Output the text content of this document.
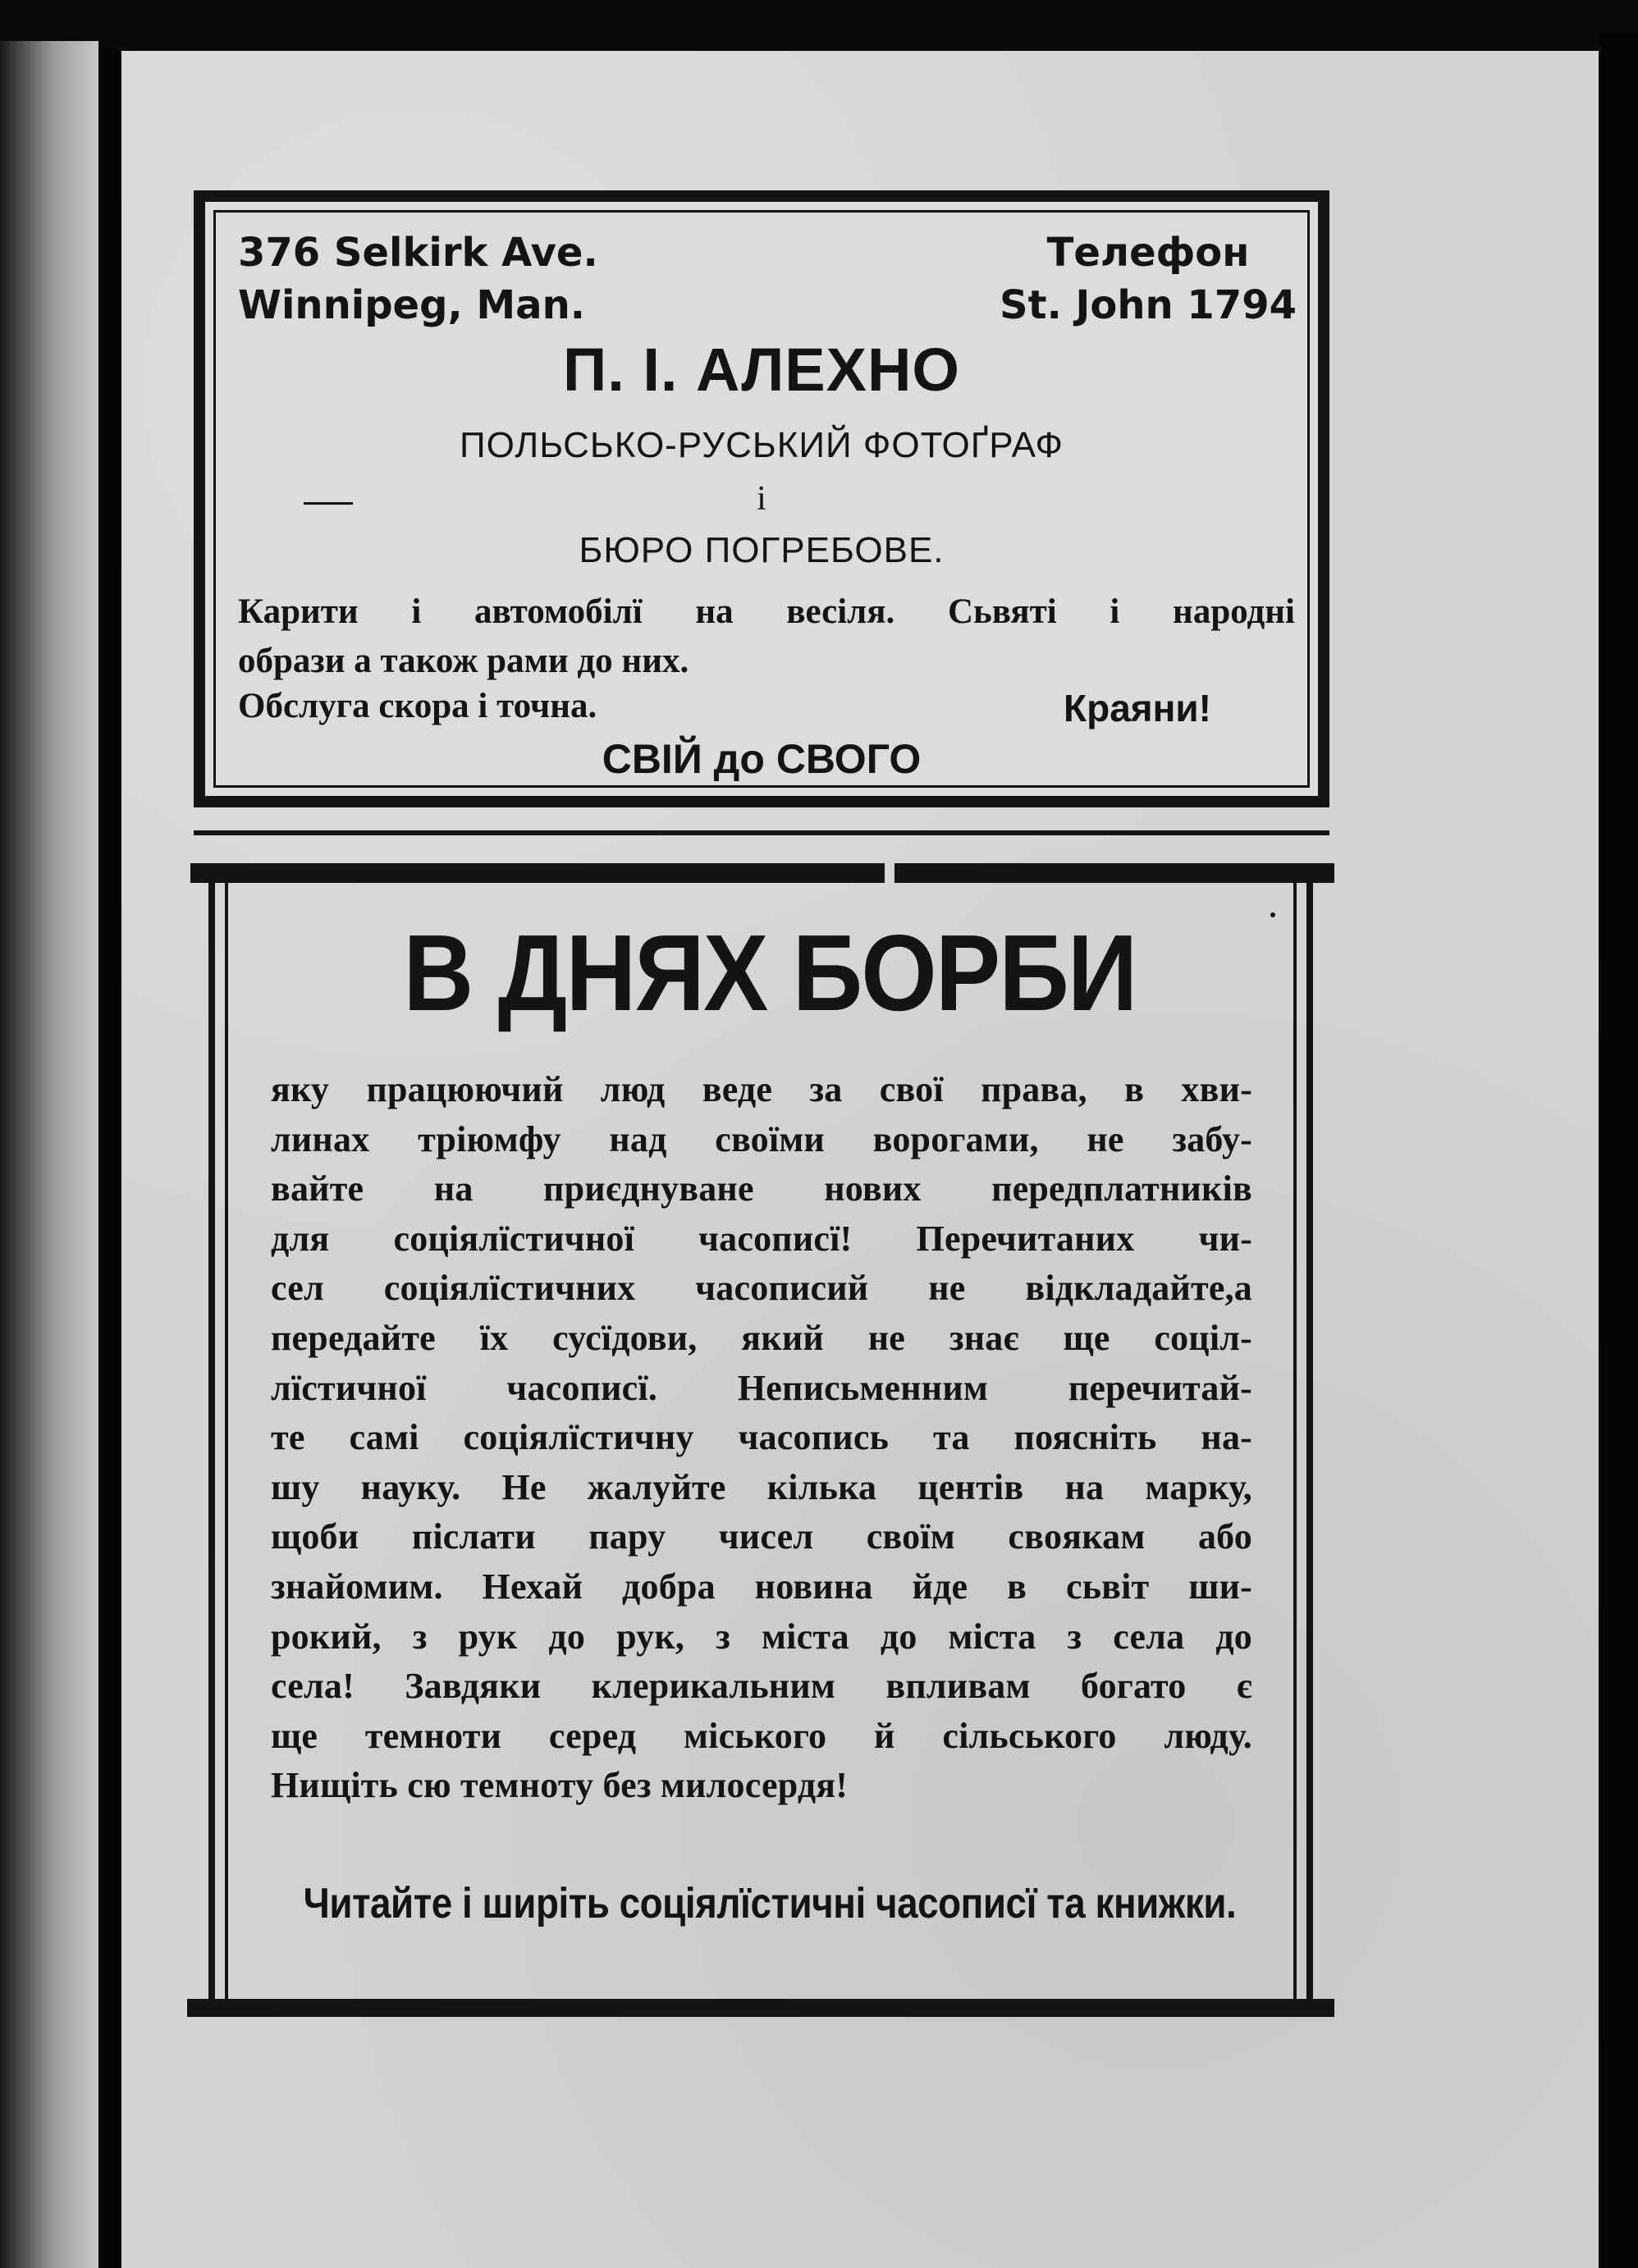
376 Selkirk Ave.
Winnipeg, Man.
Телефон
St. John 1794
П. І. АЛЕХНО
ПОЛЬСЬКО-РУСЬКИЙ ФОТОҐРАФ
і
БЮРО ПОГРЕБОВЕ.
Карити і автомобілї на весіля. Сьвяті і народні
образи а також рами до них.
Обслуга скора і точна.	Краяни!
СВІЙ до СВОГО
В ДНЯХ БОРБИ
яку працюючий люд веде за свої права, в хви-
линах тріюмфу над своїми ворогами, не забу-
вайте на приєднуване нових передплатників
для соціялїстичної часописї! Перечитаних чи-
сел соціялїстичних часописий не відкладайте,а
передайте їх сусїдови, який не знає ще соціл-
лїстичної часописї. Неписьменним перечитай-
те самі соціялїстичну часопись та поясніть на-
шу науку. Не жалуйте кілька центів на марку,
щоби післати пару чисел своїм свoякам або
знайомим. Нехай добра новина йде в сьвіт ши-
рокий, з рук до рук, з міста до міста з села до
села! Завдяки клерикальним впливам богато є
ще темноти серед міського й сільського люду.
Нищіть сю темноту без милосердя!
Читайте і ширіть соціялїстичні часописї та книжки.
